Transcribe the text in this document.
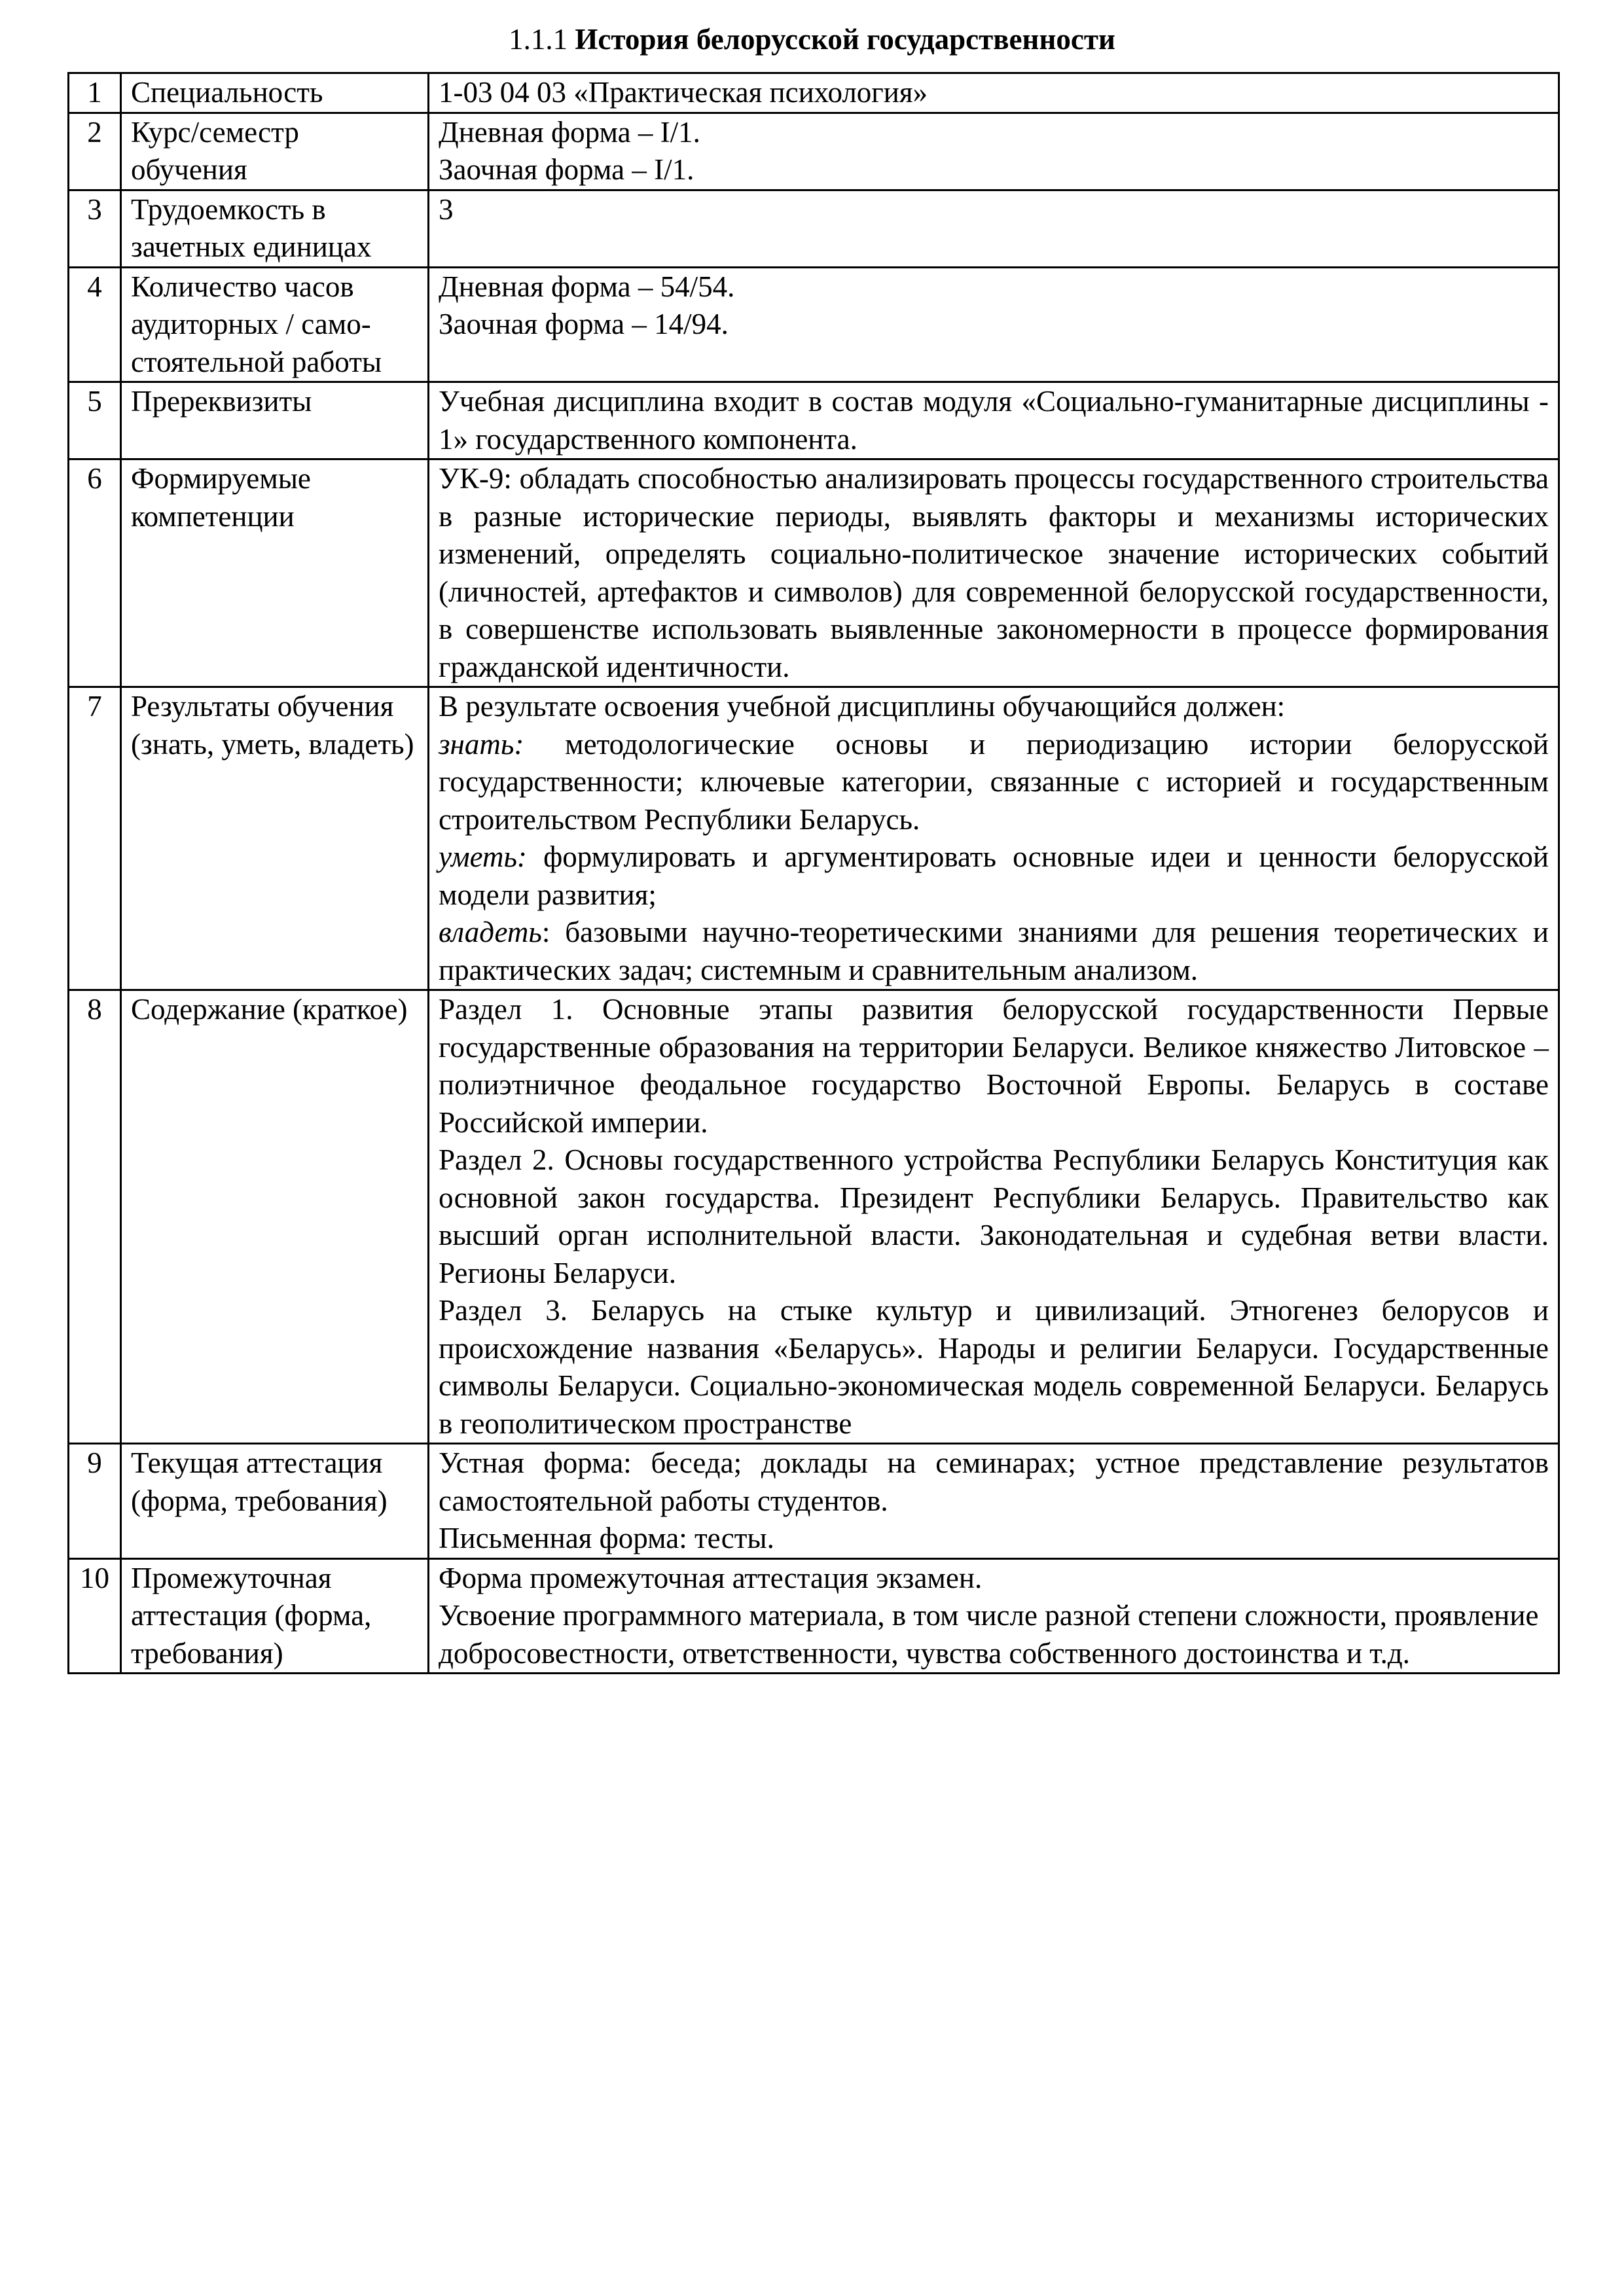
1.1.1 История белорусской государственности
1	Специальность	1-03 04 03 «Практическая психология»

2	Курс/семестр обучения	Дневная форма – I/1.
Заочная форма – I/1.

3	Трудоемкость в зачетных единицах	3

4	Количество часов аудиторных / само-стоятельной работы	Дневная форма – 54/54.
Заочная форма – 14/94.

5	Пререквизиты	Учебная дисциплина входит в состав модуля «Социально-гуманитарные дисциплины - 1» государственного компонента.

6	Формируемые компетенции	УК-9: обладать способностью анализировать процессы государственного строительства в разные исторические периоды, выявлять факторы и механизмы исторических изменений, определять социально-политическое значение исторических событий (личностей, артефактов и символов) для современной белорусской государственности, в совершенстве использовать выявленные закономерности в процессе формирования гражданской идентичности.

7	Результаты обучения (знать, уметь, владеть)	В результате освоения учебной дисциплины обучающийся должен:
знать: методологические основы и периодизацию истории белорусской государственности; ключевые категории, связанные с историей и государственным строительством Республики Беларусь.
уметь: формулировать и аргументировать основные идеи и ценности белорусской модели развития;
владеть: базовыми научно-теоретическими знаниями для решения теоретических и практических задач; системным и сравнительным анализом.

8	Содержание (краткое)	Раздел 1. Основные этапы развития белорусской государственности Первые государственные образования на территории Беларуси. Великое княжество Литовское – полиэтничное феодальное государство Восточной Европы. Беларусь в составе Российской империи.
Раздел 2. Основы государственного устройства Республики Беларусь Конституция как основной закон государства. Президент Республики Беларусь. Правительство как высший орган исполнительной власти. Законодательная и судебная ветви власти. Регионы Беларуси.
Раздел 3. Беларусь на стыке культур и цивилизаций. Этногенез белорусов и происхождение названия «Беларусь». Народы и религии Беларуси. Государственные символы Беларуси. Социально-экономическая модель современной Беларуси. Беларусь в геополитическом пространстве

9	Текущая аттестация (форма, требования)	Устная форма: беседа; доклады на семинарах; устное представление результатов самостоятельной работы студентов.
Письменная форма: тесты.

10	Промежуточная аттестация (форма, требования)	Форма промежуточная аттестация экзамен.
Усвоение программного материала, в том числе разной степени сложности, проявление добросовестности, ответственности, чувства собственного достоинства и т.д.
